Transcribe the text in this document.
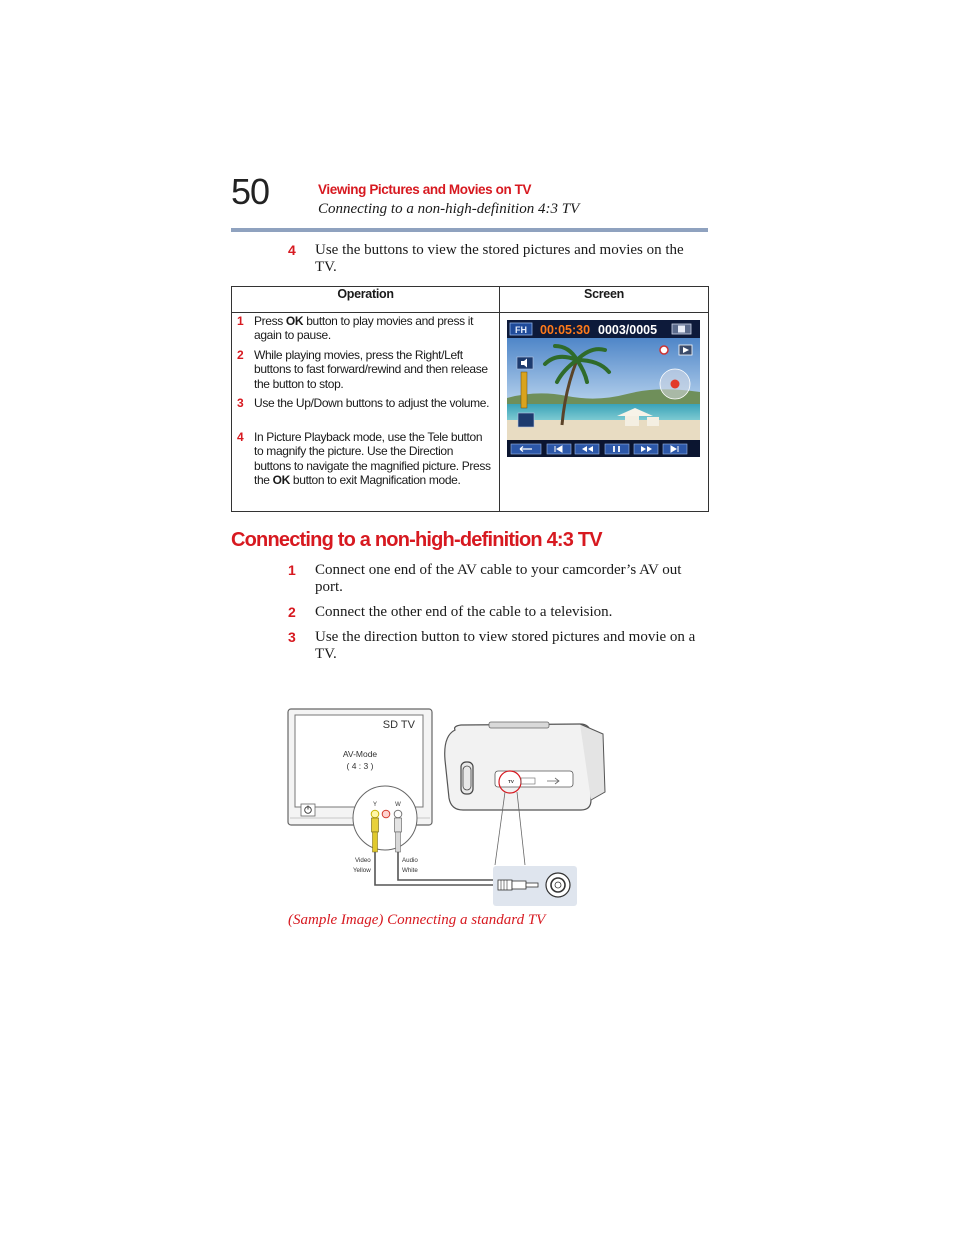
50	Viewing Pictures and Movies on TV
Connecting to a non-high-definition 4:3 TV
4 Use the buttons to view the stored pictures and movies on the TV.
Operation	Screen
1 Press OK button to play movies and press it again to pause.
2 While playing movies, press the Right/Left buttons to fast forward/rewind and then release the button to stop.
3 Use the Up/Down buttons to adjust the volume.
4 In Picture Playback mode, use the Tele button to magnify the picture. Use the Direction buttons to navigate the magnified picture. Press the OK button to exit Magnification mode.
FH 00:05:30 0003/0005
Connecting to a non-high-definition 4:3 TV
1 Connect one end of the AV cable to your camcorder’s AV out port.
2 Connect the other end of the cable to a television.
3 Use the direction button to view stored pictures and movie on a TV.
SD TV
AV-Mode
( 4 : 3 )
Y	W
Video
Yellow
Audio
White
TV
(Sample Image) Connecting a standard TV
